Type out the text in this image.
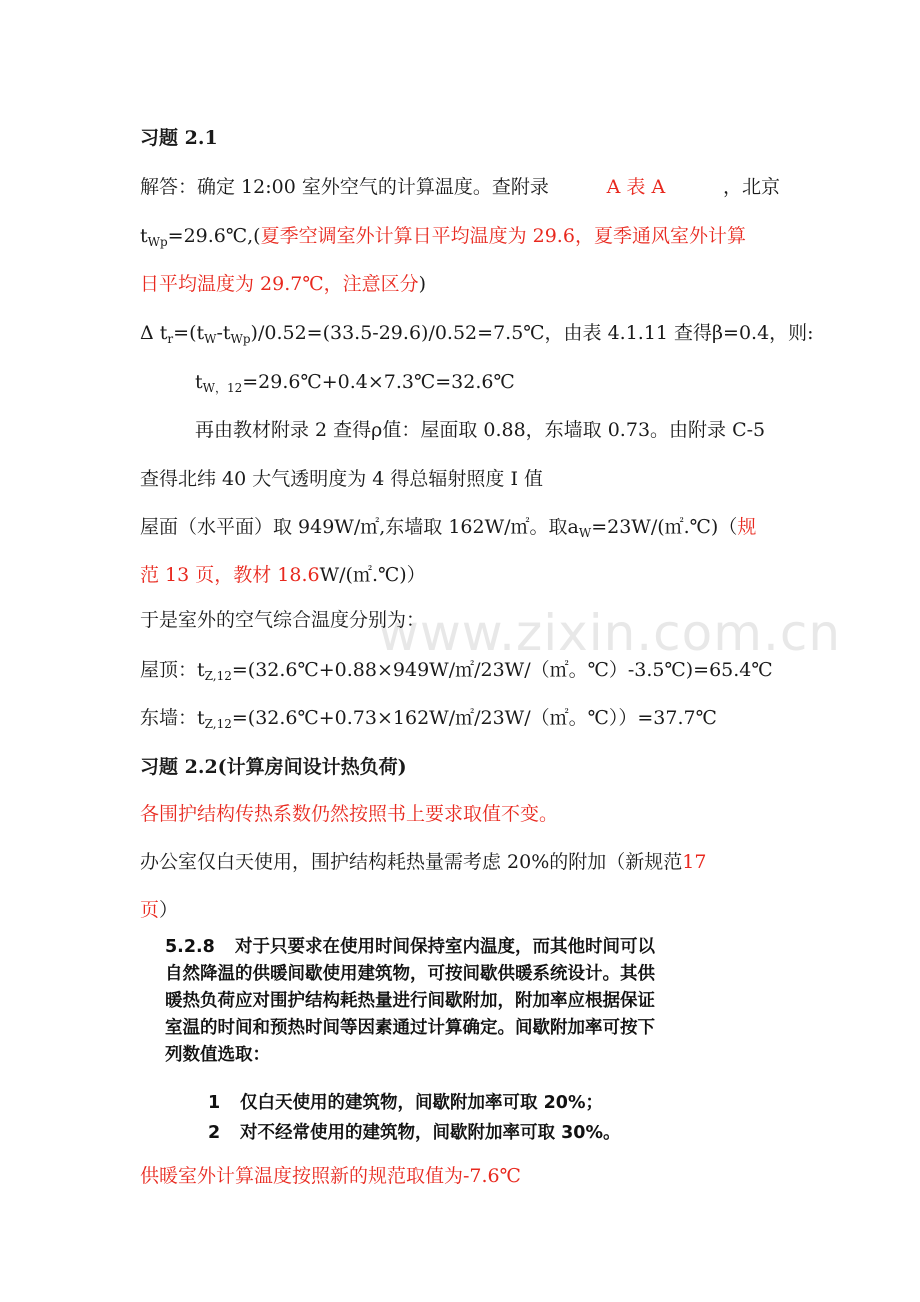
www.zixin.com.cn
习题 2.1
解答：确定 12:00 室外空气的计算温度。查附录	A 表 A	，北京
$t_{Wp}=29.6℃$,(夏季空调室外计算日平均温度为 29.6，夏季通风室外计算
日平均温度为 29.7℃，注意区分)
Δ $t_r=(t_W-t_{Wp})/0.52=(33.5-29.6)/0.52=7.5℃$，由表 4.1.11 查得β=0.4，则:
$t_{W,12}=29.6℃+0.4\times 7.3℃=32.6℃$
再由教材附录 2 查得ρ值：屋面取 0.88，东墙取 0.73。由附录 C-5
查得北纬 40 大气透明度为 4 得总辐射照度 I 值
屋面（水平面）取 949W/㎡,东墙取 162W/㎡。取$a_W=23W/(㎡.℃)$（规
范 13 页，教材 18.6W/(㎡.℃)）
于是室外的空气综合温度分别为：
屋顶：$t_{Z,12}=(32.6℃+0.88\times 949W/㎡/23W/(㎡$。℃）-3.5℃)=65.4℃
东墙：$t_{Z,12}=(32.6℃+0.73\times 162W/㎡/23W/(㎡$。℃））=37.7℃
习题 2.2(计算房间设计热负荷)
各围护结构传热系数仍然按照书上要求取值不变。
办公室仅白天使用，围护结构耗热量需考虑 20%的附加（新规范17
页）
5.2.8 对于只要求在使用时间保持室内温度，而其他时间可以
自然降温的供暖间歇使用建筑物，可按间歇供暖系统设计。其供
暖热负荷应对围护结构耗热量进行间歇附加，附加率应根据保证
室温的时间和预热时间等因素通过计算确定。间歇附加率可按下
列数值选取：
1 仅白天使用的建筑物，间歇附加率可取 20%；
2 对不经常使用的建筑物，间歇附加率可取 30%。
供暖室外计算温度按照新的规范取值为-7.6℃
